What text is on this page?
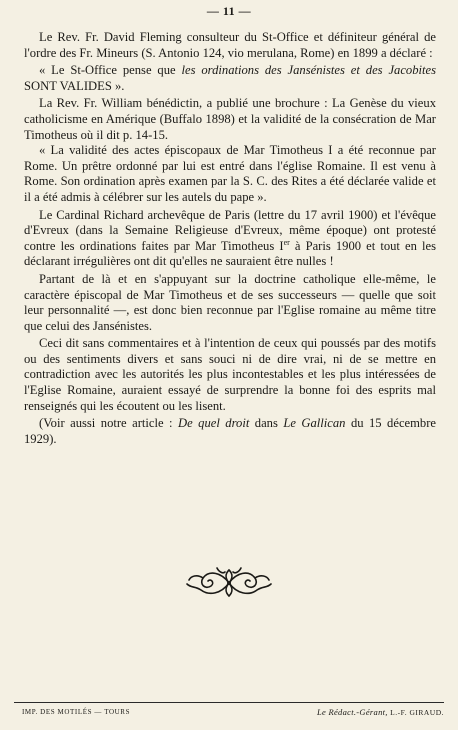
— 11 —

Le Rev. Fr. David Fleming consulteur du St-Office et définiteur général de l'ordre des Fr. Mineurs (S. Antonio 124, vio merulana, Rome) en 1899 a déclaré :

« Le St-Office pense que les ordinations des Jansénistes et des Jacobites SONT VALIDES ».

La Rev. Fr. William bénédictin, a publié une brochure : La Genèse du vieux catholicisme en Amérique (Buffalo 1898) et la validité de la consécration de Mar Timotheus où il dit p. 14-15.

« La validité des actes épiscopaux de Mar Timotheus I a été reconnue par Rome. Un prêtre ordonné par lui est entré dans l'église Romaine. Il est venu à Rome. Son ordination après examen par la S. C. des Rites a été déclarée valide et il a été admis à célébrer sur les autels du pape ».

Le Cardinal Richard archevêque de Paris (lettre du 17 avril 1900) et l'évêque d'Evreux (dans la Semaine Religieuse d'Evreux, même époque) ont protesté contre les ordinations faites par Mar Timotheus Ier à Paris 1900 et tout en les déclarant irrégulières ont dit qu'elles ne sauraient être nulles !

Partant de là et en s'appuyant sur la doctrine catholique elle-même, le caractère épiscopal de Mar Timotheus et de ses successeurs — quelle que soit leur personnalité —, est donc bien reconnue par l'Eglise romaine au même titre que celui des Jansénistes.

Ceci dit sans commentaires et à l'intention de ceux qui poussés par des motifs ou des sentiments divers et sans souci ni de dire vrai, ni de se mettre en contradiction avec les autorités les plus incontestables et les plus intéressées de l'Eglise Romaine, auraient essayé de surprendre la bonne foi des esprits mal renseignés qui les écoutent ou les lisent.

(Voir aussi notre article : De quel droit dans Le Gallican du 15 décembre 1929).

IMP. DES MOTILÉS — TOURS	Le Rédact.-Gérant, L.-F. GIRAUD.
